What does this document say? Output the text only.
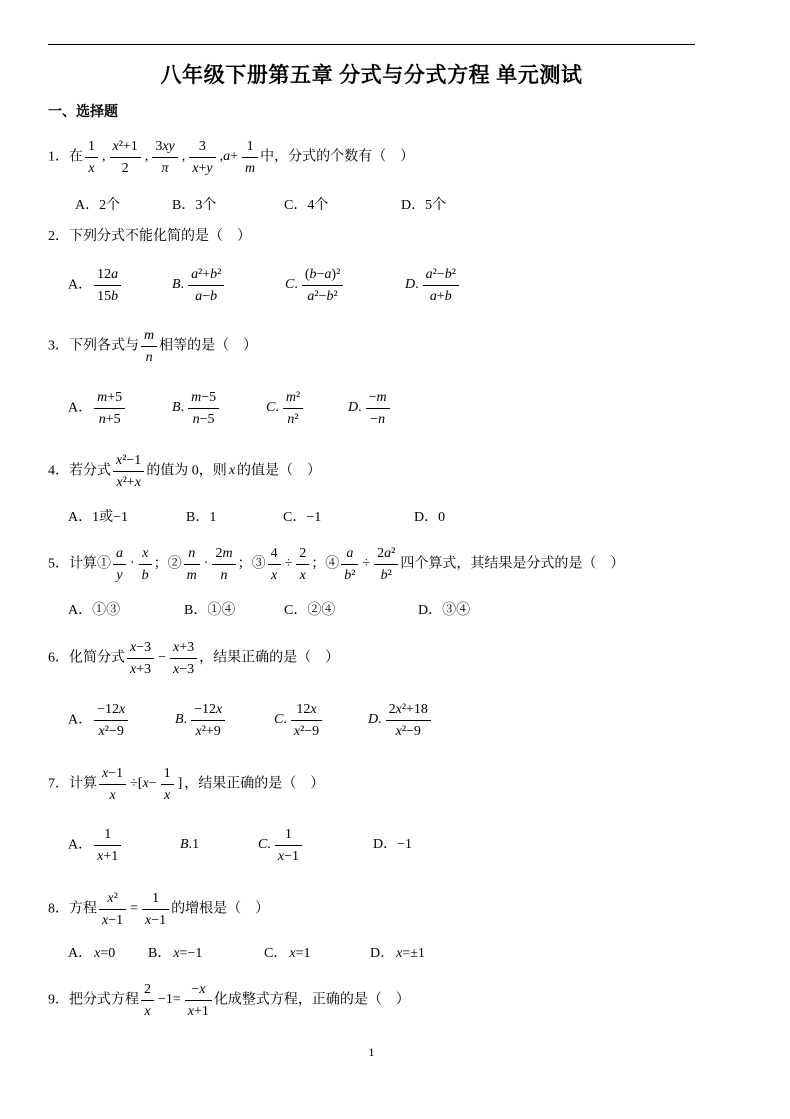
八年级下册第五章 分式与分式方程 单元测试
一、选择题
1．在 $\frac{1}{x}$ , $\frac{\text{x²+1}}{2}$ , $\frac{3xy}{\pi}$ , $\frac{3}{x+y} ,a+ \frac{1}{m}$ 中，分式的个数有（　）
A．2个	B．3个	C．4个	D．5个
2．下列分式不能化简的是（　）
A． $\frac{12a}{15b}$	B. $\frac{\text{a²+b²}}{a-b}$	C. $\frac{\text{(b−a)²}}{\text{a²−b²}}$	D. $\frac{\text{a²−b²}}{a+b}$
3．下列各式与 $\frac{m}{n}$ 相等的是（　）
A． $\frac{m+5}{n+5}$	B. $\frac{m-5}{n-5}$	C. $\frac{\text{m²}}{\text{n²}}$	D. $\frac{-m}{-n}$
4．若分式 $\frac{\text{x²−1}}{\text{x²+x}}$ 的值为 0，则 x 的值是（　）
A．1或−1	B．1	C．−1	D．0
5．计算① $\frac{a}{y} \cdot \frac{x}{b}$ ；② $\frac{n}{m} \cdot \frac{2m}{n}$ ；③ $\frac{4}{x} \div \frac{2}{x}$ ；④ $\frac{a}{\text{b²}} \div \frac{\text{2a²}}{\text{b²}}$ 四个算式，其结果是分式的是（　）
A．①③	B．①④	C．②④	D．③④
6．化简分式 $\frac{x-3}{x+3} - \frac{x+3}{x-3}$ ，结果正确的是（　）
A． $\frac{-12x}{\text{x²−9}}$	B. $\frac{-12x}{\text{x²+9}}$	C. $\frac{12x}{\text{x²−9}}$	D. $\frac{\text{2x²+18}}{\text{x²−9}}$
7．计算 $\frac{x-1}{x} \div[x- \frac{1}{x}$ ] ，结果正确的是（　）
A． $\frac{1}{x+1}$	B.1	C. $\frac{1}{x-1}$	D．−1
8．方程 $\frac{\text{x²}}{x-1} = \frac{1}{x-1}$ 的增根是（　）
A． x=0 B． x=−1	C． x=1	D． x=±1
9．把分式方程 $\frac{2}{x} -1= \frac{-x}{x+1}$ 化成整式方程，正确的是（　）
1
